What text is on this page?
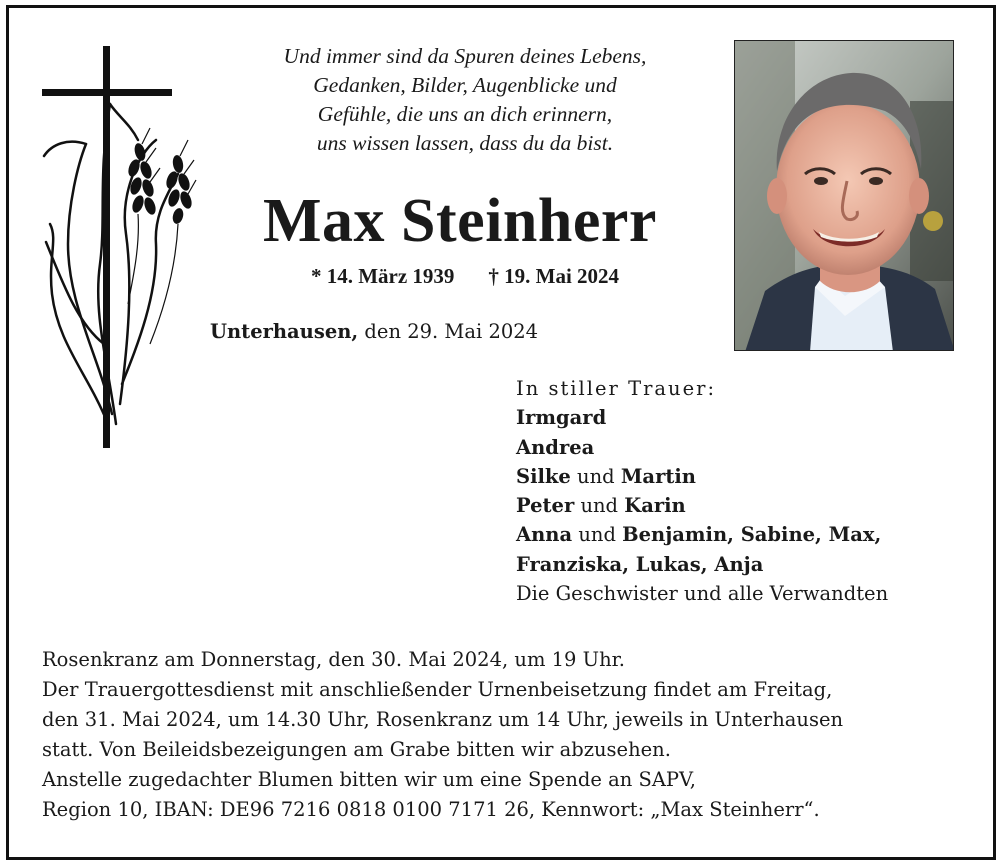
Und immer sind da Spuren deines Lebens,
Gedanken, Bilder, Augenblicke und
Gefühle, die uns an dich erinnern,
uns wissen lassen, dass du da bist.
Max Steinherr
* 14. März 1939 † 19. Mai 2024
Unterhausen, den 29. Mai 2024
In stiller Trauer:
Irmgard
Andrea
Silke und Martin
Peter und Karin
Anna und Benjamin, Sabine, Max,
Franziska, Lukas, Anja
Die Geschwister und alle Verwandten
Rosenkranz am Donnerstag, den 30. Mai 2024, um 19 Uhr.
Der Trauergottesdienst mit anschließender Urnenbeisetzung findet am Freitag,
den 31. Mai 2024, um 14.30 Uhr, Rosenkranz um 14 Uhr, jeweils in Unterhausen
statt. Von Beileidsbezeigungen am Grabe bitten wir abzusehen.
Anstelle zugedachter Blumen bitten wir um eine Spende an SAPV,
Region 10, IBAN: DE96 7216 0818 0100 7171 26, Kennwort: „Max Steinherr“.
